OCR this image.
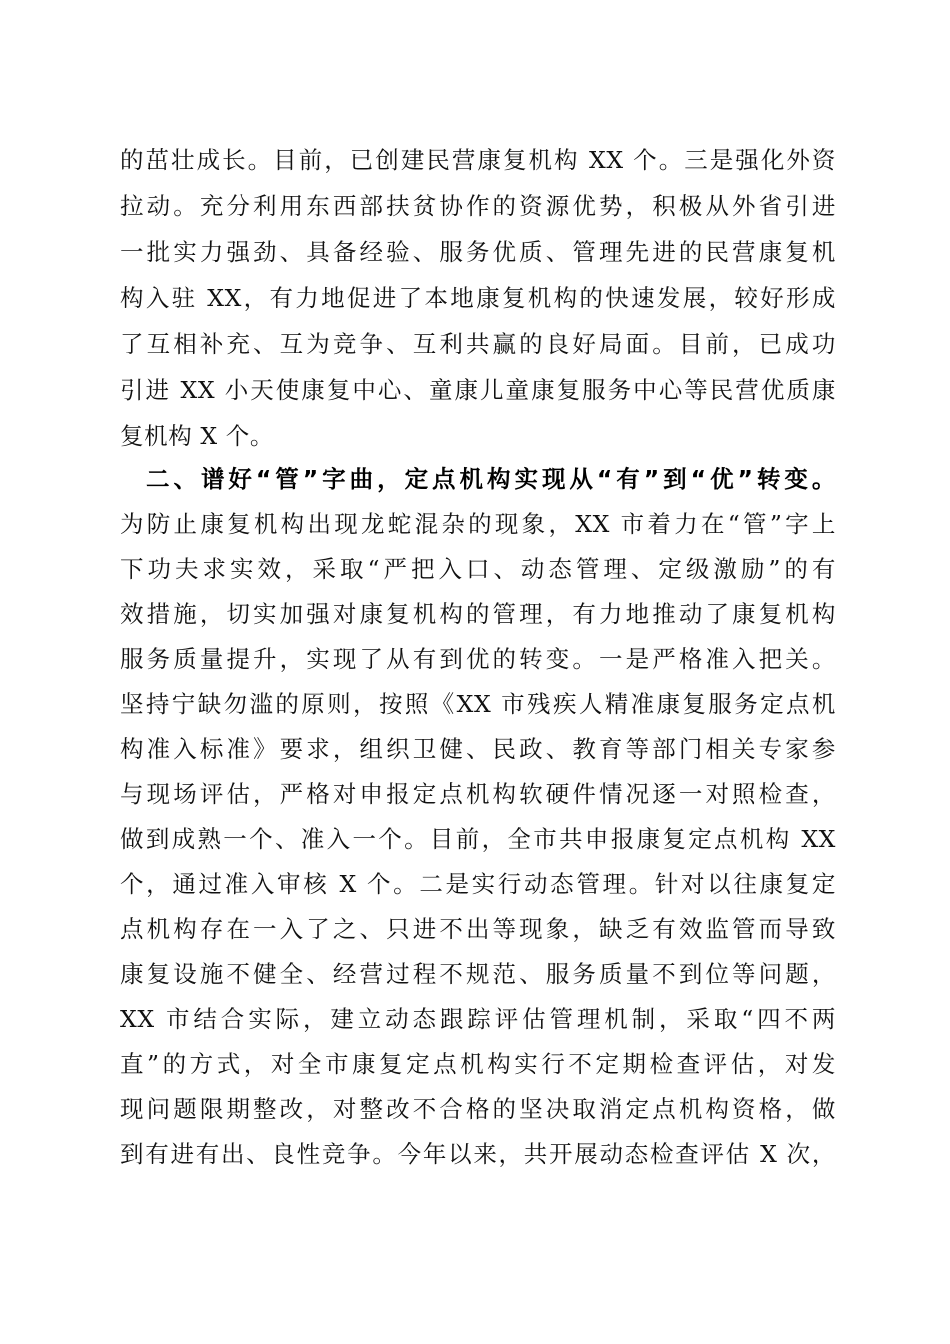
的茁壮成长。目前，已创建民营康复机构 XX 个。三是强化外资
拉动。充分利用东西部扶贫协作的资源优势，积极从外省引进
一批实力强劲、具备经验、服务优质、管理先进的民营康复机
构入驻 XX，有力地促进了本地康复机构的快速发展，较好形成
了互相补充、互为竞争、互利共赢的良好局面。目前，已成功
引进 XX 小天使康复中心、童康儿童康复服务中心等民营优质康
复机构 X 个。
二、谱好“管”字曲，定点机构实现从“有”到“优”转变。
为防止康复机构出现龙蛇混杂的现象，XX 市着力在“管”字上
下功夫求实效，采取“严把入口、动态管理、定级激励”的有
效措施，切实加强对康复机构的管理，有力地推动了康复机构
服务质量提升，实现了从有到优的转变。一是严格准入把关。
坚持宁缺勿滥的原则，按照《XX 市残疾人精准康复服务定点机
构准入标准》要求，组织卫健、民政、教育等部门相关专家参
与现场评估，严格对申报定点机构软硬件情况逐一对照检查，
做到成熟一个、准入一个。目前，全市共申报康复定点机构 XX
个，通过准入审核 X 个。二是实行动态管理。针对以往康复定
点机构存在一入了之、只进不出等现象，缺乏有效监管而导致
康复设施不健全、经营过程不规范、服务质量不到位等问题，
XX 市结合实际，建立动态跟踪评估管理机制，采取“四不两
直”的方式，对全市康复定点机构实行不定期检查评估，对发
现问题限期整改，对整改不合格的坚决取消定点机构资格，做
到有进有出、良性竞争。今年以来，共开展动态检查评估 X 次，
